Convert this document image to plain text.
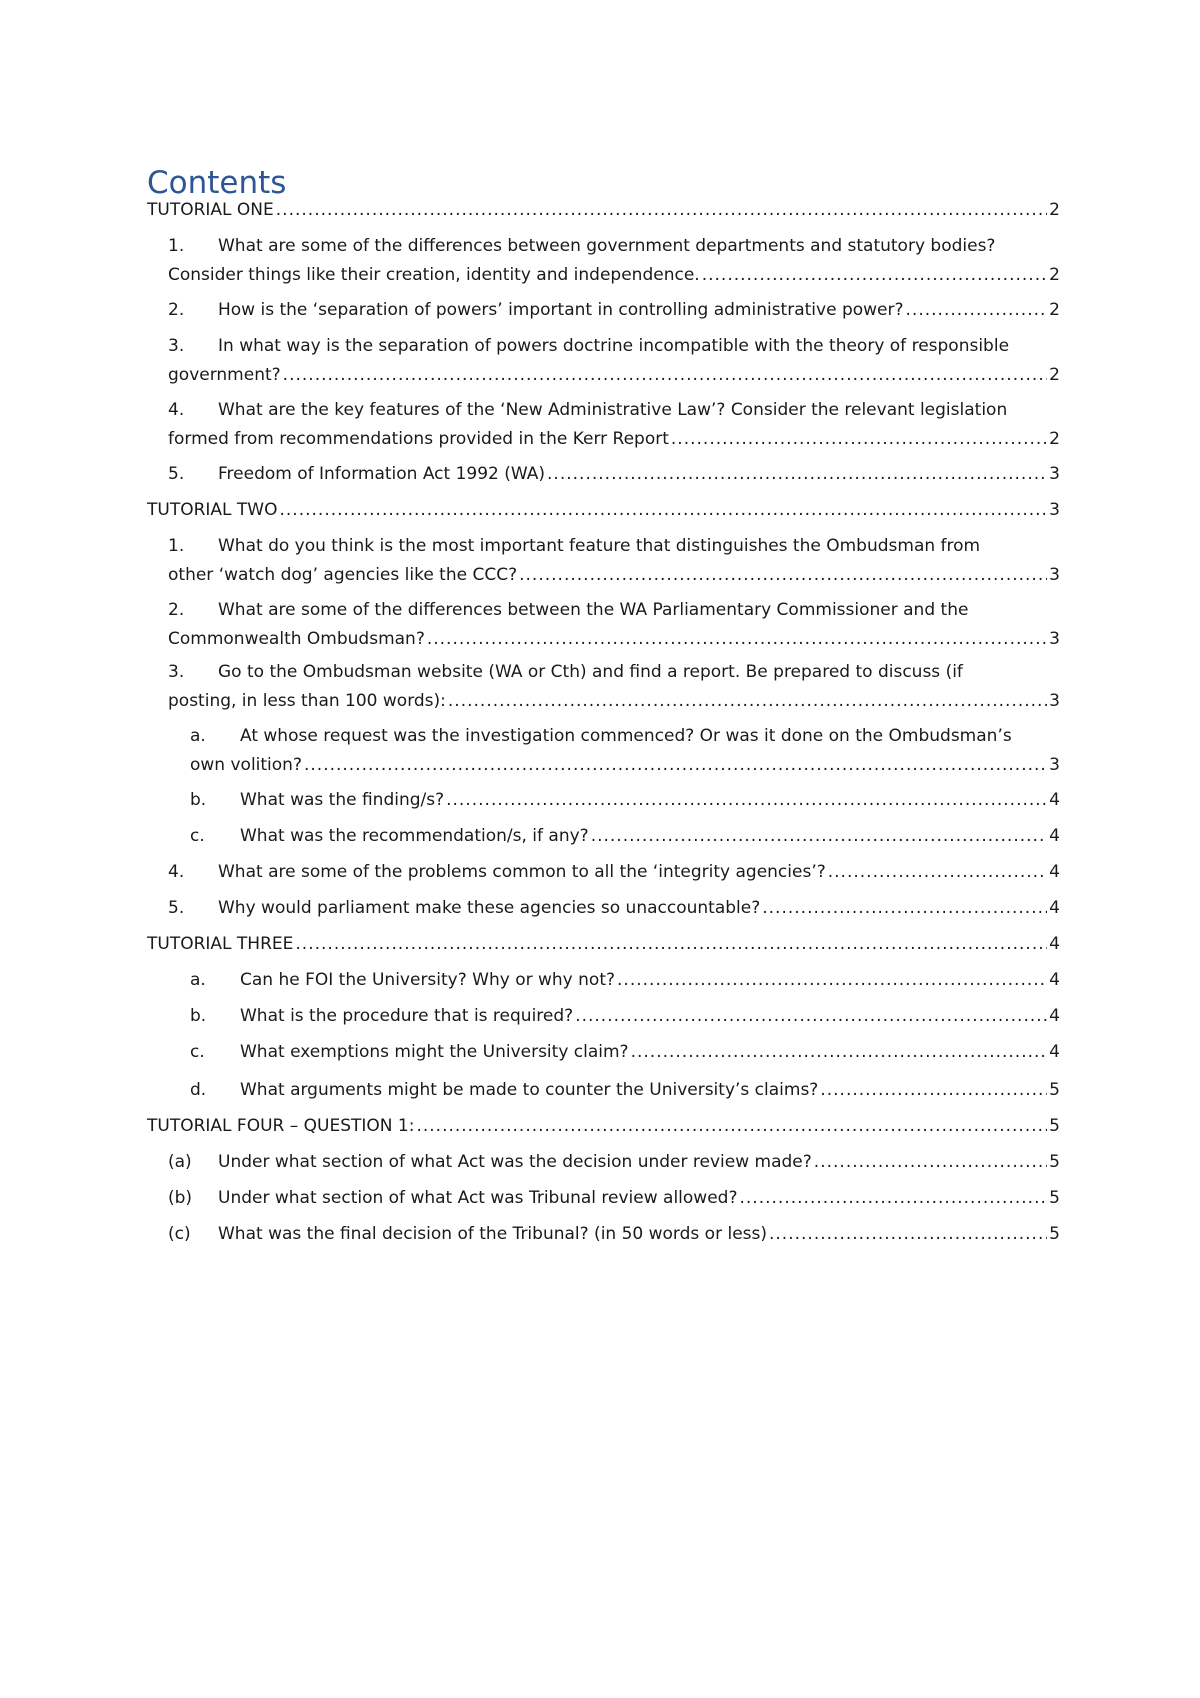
Contents
TUTORIAL ONE .....	2
1.	What are some of the differences between government departments and statutory bodies?
Consider things like their creation, identity and independence. .....	2
2.	How is the ‘separation of powers’ important in controlling administrative power? .....	2
3.	In what way is the separation of powers doctrine incompatible with the theory of responsible
government? .....	2
4.	What are the key features of the ‘New Administrative Law’? Consider the relevant legislation
formed from recommendations provided in the Kerr Report .....	2
5.	Freedom of Information Act 1992 (WA) .....	3
TUTORIAL TWO .....	3
1.	What do you think is the most important feature that distinguishes the Ombudsman from
other ‘watch dog’ agencies like the CCC? .....	3
2.	What are some of the differences between the WA Parliamentary Commissioner and the
Commonwealth Ombudsman? .....	3
3.	Go to the Ombudsman website (WA or Cth) and find a report. Be prepared to discuss (if
posting, in less than 100 words): .....	3
a.	At whose request was the investigation commenced? Or was it done on the Ombudsman’s
own volition? .....	3
b.	What was the finding/s? .....	4
c.	What was the recommendation/s, if any? .....	4
4.	What are some of the problems common to all the ‘integrity agencies’? .....	4
5.	Why would parliament make these agencies so unaccountable? .....	4
TUTORIAL THREE .....	4
a.	Can he FOI the University? Why or why not? .....	4
b.	What is the procedure that is required? .....	4
c.	What exemptions might the University claim? .....	4
d.	What arguments might be made to counter the University’s claims? .....	5
TUTORIAL FOUR – QUESTION 1: .....	5
(a)	Under what section of what Act was the decision under review made? .....	5
(b)	Under what section of what Act was Tribunal review allowed? .....	5
(c)	What was the final decision of the Tribunal? (in 50 words or less) .....	5
